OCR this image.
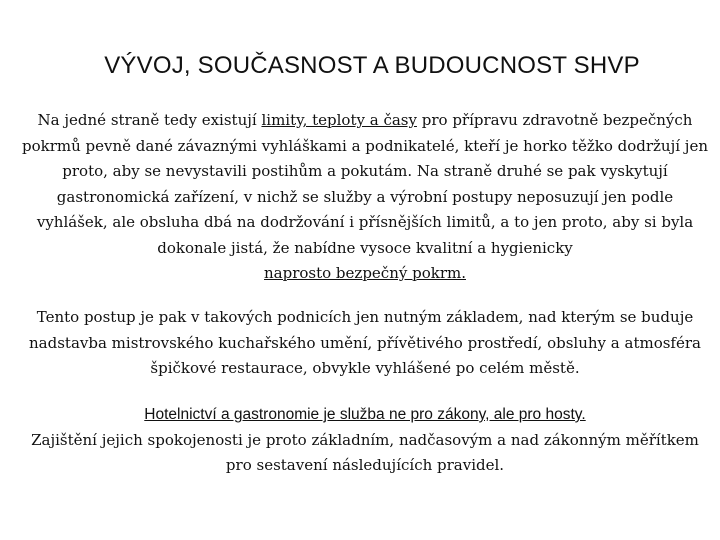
VÝVOJ, SOUČASNOST A BUDOUCNOST SHVP

Na jedné straně tedy existují limity, teploty a časy pro přípravu zdravotně bezpečných pokrmů pevně dané závaznými vyhláškami a podnikatelé, kteří je horko těžko dodržují jen proto, aby se nevystavili postihům a pokutám. Na straně druhé se pak vyskytují gastronomická zařízení, v nichž se služby a výrobní postupy neposuzují jen podle vyhlášek, ale obsluha dbá na dodržování i přísnějších limitů, a to jen proto, aby si byla dokonale jistá, že nabídne vysoce kvalitní a hygienicky
naprosto bezpečný pokrm.

Tento postup je pak v takových podnicích jen nutným základem, nad kterým se buduje nadstavba mistrovského kuchařského umění, přívětivého prostředí, obsluhy a atmosféra špičkové restaurace, obvykle vyhlášené po celém městě.

Hotelnictví a gastronomie je služba ne pro zákony, ale pro hosty.
Zajištění jejich spokojenosti je proto základním, nadčasovým a nad zákonným měřítkem pro sestavení následujících pravidel.
